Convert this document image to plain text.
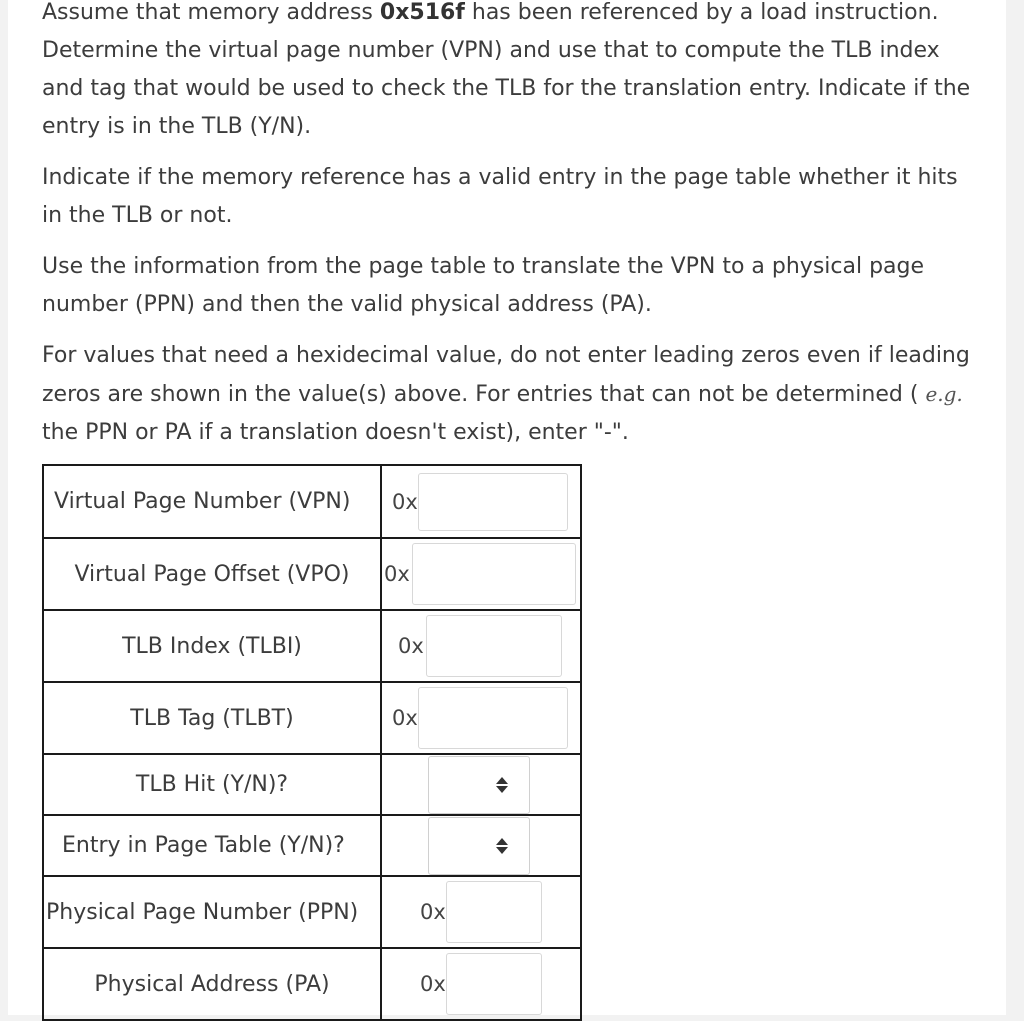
Assume that memory address 0x516f has been referenced by a load instruction. Determine the virtual page number (VPN) and use that to compute the TLB index and tag that would be used to check the TLB for the translation entry. Indicate if the entry is in the TLB (Y/N).

Indicate if the memory reference has a valid entry in the page table whether it hits in the TLB or not.

Use the information from the page table to translate the VPN to a physical page number (PPN) and then the valid physical address (PA).

For values that need a hexidecimal value, do not enter leading zeros even if leading zeros are shown in the value(s) above. For entries that can not be determined ( e.g. the PPN or PA if a translation doesn't exist), enter "-".

Virtual Page Number (VPN)	0x

Virtual Page Offset (VPO)	0x

TLB Index (TLBI)	0x

TLB Tag (TLBT)	0x

TLB Hit (Y/N)?	

Entry in Page Table (Y/N)?	

Physical Page Number (PPN)	0x

Physical Address (PA)	0x
